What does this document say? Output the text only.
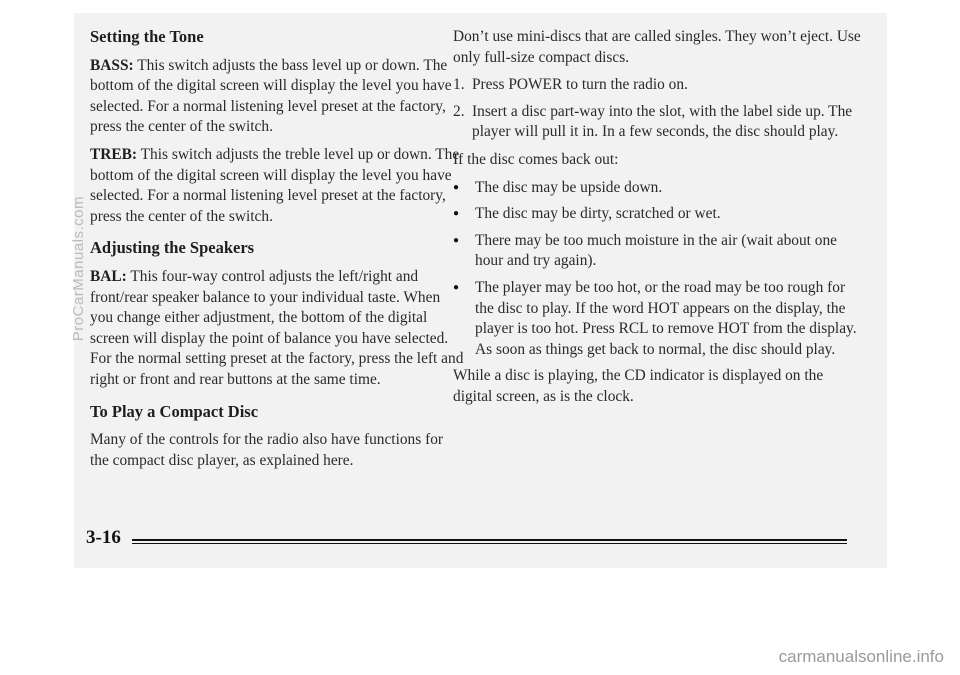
Setting the Tone

BASS: This switch adjusts the bass level up or down. The bottom of the digital screen will display the level you have selected. For a normal listening level preset at the factory, press the center of the switch.

TREB: This switch adjusts the treble level up or down. The bottom of the digital screen will display the level you have selected. For a normal listening level preset at the factory, press the center of the switch.

Adjusting the Speakers

BAL: This four-way control adjusts the left/right and front/rear speaker balance to your individual taste. When you change either adjustment, the bottom of the digital screen will display the point of balance you have selected. For the normal setting preset at the factory, press the left and right or front and rear buttons at the same time.

To Play a Compact Disc

Many of the controls for the radio also have functions for the compact disc player, as explained here.

Don’t use mini-discs that are called singles. They won’t eject. Use only full-size compact discs.

1. Press POWER to turn the radio on.
2. Insert a disc part-way into the slot, with the label side up. The player will pull it in. In a few seconds, the disc should play.

If the disc comes back out:

●	The disc may be upside down.
●	The disc may be dirty, scratched or wet.
●	There may be too much moisture in the air (wait about one hour and try again).
●	The player may be too hot, or the road may be too rough for the disc to play. If the word HOT appears on the display, the player is too hot. Press RCL to remove HOT from the display. As soon as things get back to normal, the disc should play.

While a disc is playing, the CD indicator is displayed on the digital screen, as is the clock.

3-16
ProCarManuals.com
carmanualsonline.info
